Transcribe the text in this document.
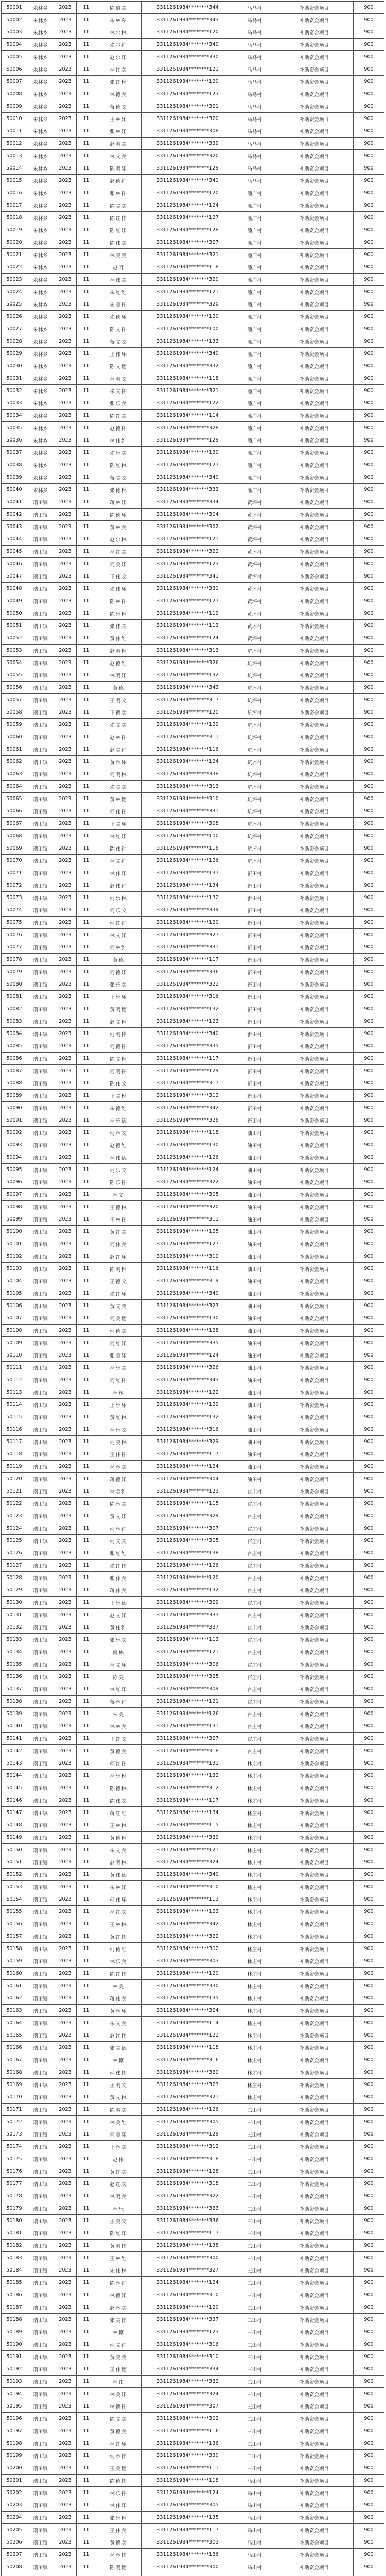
50001	朱林乡	2023	11	陈道美	3311261984********344	马马村	补助资金项目	900
50002	朱林乡	2023	11	朱林尔	3311261984********343	马马村	补助资金项目	900
50003	朱林乡	2023	11	林尔林	3311261984********120	马马村	补助资金项目	900
50004	朱林乡	2023	11	朱尔红	3311261984********340	马马村	补助资金项目	900
50005	朱林乡	2023	11	赵尔乐	3311261984********330	马马村	补助资金项目	900
50006	朱林乡	2023	11	林红美	3311261984********121	马马村	补助资金项目	900
50007	朱林乡	2023	11	张红林	3311261984********120	马马村	补助资金项目	900
50008	朱林乡	2023	11	林德美	3311261984********123	马马村	补助资金项目	900
50009	朱林乡	2023	11	蒋德文	3311261984********321	马马村	补助资金项目	900
50010	朱林乡	2023	11	王林乐	3311261984********320	马马村	补助资金项目	900
50011	朱林乡	2023	11	张林乐	3311261984********308	马马村	补助资金项目	900
50012	朱林乡	2023	11	赵明美	3311261984********339	马马村	补助资金项目	900
50013	朱林乡	2023	11	林文美	3311261984********320	马马村	补助资金项目	900
50014	朱林乡	2023	11	陈明乐	3311261984********129	马马村	补助资金项目	900
50015	朱林乡	2023	11	赵德红	3311261984********341	马马村	补助资金项目	900
50016	朱林乡	2023	11	张林伟	3311261984********120	潘广村	补助资金项目	900
50017	朱林乡	2023	11	陈美美	3311261984********124	潘广村	补助资金项目	900
50018	朱林乡	2023	11	陈红伟	3311261984********127	潘广村	补助资金项目	900
50019	朱林乡	2023	11	陈红乐	3311261984********128	潘广村	补助资金项目	900
50020	朱林乡	2023	11	陈伟美	3311261984********327	潘广村	补助资金项目	900
50021	朱林乡	2023	11	林美美	3311261984********321	潘广村	补助资金项目	900
50022	朱林乡	2023	11	赵明	3311261984********118	潘广村	补助资金项目	900
50023	朱林乡	2023	11	林伟美	3311261984********320	潘广村	补助资金项目	900
50024	朱林乡	2023	11	朱红红	3311261984********121	潘广村	补助资金项目	900
50025	朱林乡	2023	11	朱美伟	3311261984********320	潘广村	补助资金项目	900
50026	朱林乡	2023	11	朱德乐	3311261984********120	潘广村	补助资金项目	900
50027	朱林乡	2023	11	陈文伟	3311261984********100	潘广村	补助资金项目	900
50028	朱林乡	2023	11	蒋文文	3311261984********133	潘广村	补助资金项目	900
50029	朱林乡	2023	11	王伟乐	3311261984********340	潘广村	补助资金项目	900
50030	朱林乡	2023	11	陈文德	3311261984********332	潘广村	补助资金项目	900
50031	朱林乡	2023	11	林明文	3311261984********118	潘广村	补助资金项目	900
50032	朱林乡	2023	11	朱文伟	3311261984********321	潘广村	补助资金项目	900
50033	朱林乡	2023	11	张乐美	3311261984********122	潘广村	补助资金项目	900
50034	朱林乡	2023	11	陈红美	3311261984********114	潘广村	补助资金项目	900
50035	朱林乡	2023	11	赵德伟	3311261984********328	潘广村	补助资金项目	900
50036	朱林乡	2023	11	林伟红	3311261984********129	潘广村	补助资金项目	900
50037	朱林乡	2023	11	朱乐美	3311261984********130	潘广村	补助资金项目	900
50038	朱林乡	2023	11	陈红林	3311261984********127	潘广村	补助资金项目	900
50039	朱林乡	2023	11	蒋美文	3311261984********340	潘广村	补助资金项目	900
50040	朱林乡	2023	11	张德林	3311261984********333	潘广村	补助资金项目	900
50041	瑞田镇	2023	11	蒋林乐	3311261984********334	黄坪村	补助资金项目	900
50042	瑞田镇	2023	11	陈德乐	3311261984********304	黄坪村	补助资金项目	900
50043	瑞田镇	2023	11	黄林美	3311261984********302	黄坪村	补助资金项目	900
50044	瑞田镇	2023	11	赵尔林	3311261984********121	黄坪村	补助资金项目	900
50045	瑞田镇	2023	11	林红美	3311261984********322	黄坪村	补助资金项目	900
50046	瑞田镇	2023	11	何美乐	3311261984********123	黄坪村	补助资金项目	900
50047	瑞田镇	2023	11	王伟文	3311261984********341	黄坪村	补助资金项目	900
50048	瑞田镇	2023	11	朱伟乐	3311261984********331	黄坪村	补助资金项目	900
50049	瑞田镇	2023	11	陈林伟	3311261984********127	黄坪村	补助资金项目	900
50050	瑞田镇	2023	11	陈乐林	3311261984********119	黄坪村	补助资金项目	900
50051	瑞田镇	2023	11	张伟美	3311261984********113	黄坪村	补助资金项目	900
50052	瑞田镇	2023	11	黄伟红	3311261984********124	黄坪村	补助资金项目	900
50053	瑞田镇	2023	11	赵明林	3311261984********313	坑坪村	补助资金项目	900
50054	瑞田镇	2023	11	赵德红	3311261984********326	坑坪村	补助资金项目	900
50055	瑞田镇	2023	11	林明乐	3311261984********132	坑坪村	补助资金项目	900
50056	瑞田镇	2023	11	黄德	3311261984********343	坑坪村	补助资金项目	900
50057	瑞田镇	2023	11	王明文	3311261984********317	坑坪村	补助资金项目	900
50058	瑞田镇	2023	11	王德美	3311261984********120	坑坪村	补助资金项目	900
50059	瑞田镇	2023	11	朱文美	3311261984********129	坑坪村	补助资金项目	900
50060	瑞田镇	2023	11	赵林伟	3311261984********311	坑坪村	补助资金项目	900
50061	瑞田镇	2023	11	赵美红	3311261984********116	坑坪村	补助资金项目	900
50062	瑞田镇	2023	11	黄林乐	3311261984********124	坑坪村	补助资金项目	900
50063	瑞田镇	2023	11	何明林	3311261984********338	坑坪村	补助资金项目	900
50064	瑞田镇	2023	11	朱美美	3311261984********313	坑坪村	补助资金项目	900
50065	瑞田镇	2023	11	黄林德	3311261984********310	坑坪村	补助资金项目	900
50066	瑞田镇	2023	11	何伟伟	3311261984********331	坑坪村	补助资金项目	900
50067	瑞田镇	2023	11	王美乐	3311261984********308	坑坪村	补助资金项目	900
50068	瑞田镇	2023	11	林红乐	3311261984********100	坑坪村	补助资金项目	900
50069	瑞田镇	2023	11	陈伟红	3311261984********116	坑坪村	补助资金项目	900
50070	瑞田镇	2023	11	林文红	3311261984********126	坑坪村	补助资金项目	900
50071	瑞田镇	2023	11	林伟乐	3311261984********137	新田村	补助资金项目	900
50072	瑞田镇	2023	11	赵伟红	3311261984********134	新田村	补助资金项目	900
50073	瑞田镇	2023	11	何乐林	3311261984********132	新田村	补助资金项目	900
50074	瑞田镇	2023	11	何乐文	3311261984********339	新田村	补助资金项目	900
50075	瑞田镇	2023	11	何红红	3311261984********120	新田村	补助资金项目	900
50076	瑞田镇	2023	11	林文乐	3311261984********327	新田村	补助资金项目	900
50077	瑞田镇	2023	11	何林红	3311261984********331	新田村	补助资金项目	900
50078	瑞田镇	2023	11	黄德	3311261984********117	新田村	补助资金项目	900
50079	瑞田镇	2023	11	何德乐	3311261984********336	新田村	补助资金项目	900
50080	瑞田镇	2023	11	张乐美	3311261984********322	新田村	补助资金项目	900
50081	瑞田镇	2023	11	王乐乐	3311261984********316	新田村	补助资金项目	900
50082	瑞田镇	2023	11	黄明德	3311261984********132	新田村	补助资金项目	900
50083	瑞田镇	2023	11	赵文林	3311261984********123	新田村	补助资金项目	900
50084	瑞田镇	2023	11	何明伟	3311261984********340	新田村	补助资金项目	900
50085	瑞田镇	2023	11	何德伟	3311261984********335	新田村	补助资金项目	900
50086	瑞田镇	2023	11	陈文林	3311261984********117	新田村	补助资金项目	900
50087	瑞田镇	2023	11	何明伟	3311261984********129	新田村	补助资金项目	900
50088	瑞田镇	2023	11	陈伟文	3311261984********317	新田村	补助资金项目	900
50089	瑞田镇	2023	11	王美林	3311261984********312	新田村	补助资金项目	900
50090	瑞田镇	2023	11	朱德红	3311261984********342	新田村	补助资金项目	900
50091	瑞田镇	2023	11	林乐德	3311261984********326	新田村	补助资金项目	900
50092	瑞田镇	2023	11	何林文	3311261984********118	油田村	补助资金项目	900
50093	瑞田镇	2023	11	赵德红	3311261984********130	油田村	补助资金项目	900
50094	瑞田镇	2023	11	林伟德	3311261984********126	油田村	补助资金项目	900
50095	瑞田镇	2023	11	何乐文	3311261984********124	油田村	补助资金项目	900
50096	瑞田镇	2023	11	陈乐伟	3311261984********322	油田村	补助资金项目	900
50097	瑞田镇	2023	11	林文	3311261984********305	油田村	补助资金项目	900
50098	瑞田镇	2023	11	王德林	3311261984********320	油田村	补助资金项目	900
50099	瑞田镇	2023	11	王林伟	3311261984********311	油田村	补助资金项目	900
50100	瑞田镇	2023	11	黄红美	3311261984********125	油田村	补助资金项目	900
50101	瑞田镇	2023	11	何伟美	3311261984********127	油田村	补助资金项目	900
50102	瑞田镇	2023	11	赵红乐	3311261984********310	油田村	补助资金项目	900
50103	瑞田镇	2023	11	陈明林	3311261984********116	油田村	补助资金项目	900
50104	瑞田镇	2023	11	王德文	3311261984********319	油田村	补助资金项目	900
50105	瑞田镇	2023	11	朱红乐	3311261984********340	油田村	补助资金项目	900
50106	瑞田镇	2023	11	黄文美	3311261984********323	油田村	补助资金项目	900
50107	瑞田镇	2023	11	何美德	3311261984********130	油田村	补助资金项目	900
50108	瑞田镇	2023	11	何德美	3311261984********128	油田村	补助资金项目	900
50109	瑞田镇	2023	11	何红乐	3311261984********335	油田村	补助资金项目	900
50110	瑞田镇	2023	11	张美乐	3311261984********124	油田村	补助资金项目	900
50111	瑞田镇	2023	11	林乐美	3311261984********326	油田村	补助资金项目	900
50112	瑞田镇	2023	11	何红伟	3311261984********343	油田村	补助资金项目	900
50113	瑞田镇	2023	11	林林	3311261984********122	油田村	补助资金项目	900
50114	瑞田镇	2023	11	王乐乐	3311261984********129	油田村	补助资金项目	900
50115	瑞田镇	2023	11	黄红林	3311261984********132	油田村	补助资金项目	900
50116	瑞田镇	2023	11	林乐文	3311261984********316	油田村	补助资金项目	900
50117	瑞田镇	2023	11	何美林	3311261984********329	油田村	补助资金项目	900
50118	瑞田镇	2023	11	王伟伟	3311261984********117	油田村	补助资金项目	900
50119	瑞田镇	2023	11	林林美	3311261984********124	油田村	补助资金项目	900
50120	瑞田镇	2023	11	蒋德乐	3311261984********304	油田村	补助资金项目	900
50121	瑞田镇	2023	11	林美红	3311261984********123	官庄村	补助资金项目	900
50122	瑞田镇	2023	11	陈林美	3311261984********115	官庄村	补助资金项目	900
50123	瑞田镇	2023	11	黄文乐	3311261984********329	官庄村	补助资金项目	900
50124	瑞田镇	2023	11	何林红	3311261984********307	官庄村	补助资金项目	900
50125	瑞田镇	2023	11	何文美	3311261984********305	官庄村	补助资金项目	900
50126	瑞田镇	2023	11	张红红	3311261984********138	官庄村	补助资金项目	900
50127	瑞田镇	2023	11	朱红伟	3311261984********126	官庄村	补助资金项目	900
50128	瑞田镇	2023	11	张伟美	3311261984********120	官庄村	补助资金项目	900
50129	瑞田镇	2023	11	蒋伟美	3311261984********132	官庄村	补助资金项目	900
50130	瑞田镇	2023	11	王乐德	3311261984********329	官庄村	补助资金项目	900
50131	瑞田镇	2023	11	赵文乐	3311261984********333	官庄村	补助资金项目	900
50132	瑞田镇	2023	11	黄伟红	3311261984********337	官庄村	补助资金项目	900
50133	瑞田镇	2023	11	张乐文	3311261984********113	官庄村	补助资金项目	900
50134	瑞田镇	2023	11	何林	3311261984********121	官庄村	补助资金项目	900
50135	瑞田镇	2023	11	林文乐	3311261984********306	官庄村	补助资金项目	900
50136	瑞田镇	2023	11	陈美	3311261984********325	官庄村	补助资金项目	900
50137	瑞田镇	2023	11	林红乐	3311261984********309	官庄村	补助资金项目	900
50138	瑞田镇	2023	11	蒋林红	3311261984********121	官庄村	补助资金项目	900
50139	瑞田镇	2023	11	朱美	3311261984********126	官庄村	补助资金项目	900
50140	瑞田镇	2023	11	林林美	3311261984********131	官庄村	补助资金项目	900
50141	瑞田镇	2023	11	王红文	3311261984********327	官庄村	补助资金项目	900
50142	瑞田镇	2023	11	黄德美	3311261984********318	官庄村	补助资金项目	900
50143	瑞田镇	2023	11	何红伟	3311261984********131	林庄村	补助资金项目	900
50144	瑞田镇	2023	11	林乐林	3311261984********132	林庄村	补助资金项目	900
50145	瑞田镇	2023	11	陈德林	3311261984********312	林庄村	补助资金项目	900
50146	瑞田镇	2023	11	陈伟文	3311261984********117	林庄村	补助资金项目	900
50147	瑞田镇	2023	11	蒋红红	3311261984********134	林庄村	补助资金项目	900
50148	瑞田镇	2023	11	王林林	3311261984********115	林庄村	补助资金项目	900
50149	瑞田镇	2023	11	黄德林	3311261984********339	林庄村	补助资金项目	900
50150	瑞田镇	2023	11	朱文美	3311261984********121	林庄村	补助资金项目	900
50151	瑞田镇	2023	11	赵明林	3311261984********324	林庄村	补助资金项目	900
50152	瑞田镇	2023	11	黄伟德	3311261984********340	林庄村	补助资金项目	900
50153	瑞田镇	2023	11	朱林乐	3311261984********310	林庄村	补助资金项目	900
50154	瑞田镇	2023	11	何伟乐	3311261984********113	林庄村	补助资金项目	900
50155	瑞田镇	2023	11	林红文	3311261984********123	林庄村	补助资金项目	900
50156	瑞田镇	2023	11	王林林	3311261984********342	林庄村	补助资金项目	900
50157	瑞田镇	2023	11	黄红伟	3311261984********322	林庄村	补助资金项目	900
50158	瑞田镇	2023	11	何德红	3311261984********302	林庄村	补助资金项目	900
50159	瑞田镇	2023	11	林乐美	3311261984********303	林庄村	补助资金项目	900
50160	瑞田镇	2023	11	陈红伟	3311261984********120	林庄村	补助资金项目	900
50161	瑞田镇	2023	11	林美	3311261984********330	林庄村	补助资金项目	900
50162	瑞田镇	2023	11	蒋伟美	3311261984********135	林庄村	补助资金项目	900
50163	瑞田镇	2023	11	黄林乐	3311261984********324	林庄村	补助资金项目	900
50164	瑞田镇	2023	11	朱文美	3311261984********114	林庄村	补助资金项目	900
50165	瑞田镇	2023	11	赵红伟	3311261984********122	林庄村	补助资金项目	900
50166	瑞田镇	2023	11	张美德	3311261984********118	林庄村	补助资金项目	900
50167	瑞田镇	2023	11	林德	3311261984********316	林庄村	补助资金项目	900
50168	瑞田镇	2023	11	何伟伟	3311261984********330	林庄村	补助资金项目	900
50169	瑞田镇	2023	11	王明文	3311261984********323	林庄村	补助资金项目	900
50170	瑞田镇	2023	11	黄文林	3311261984********321	林庄村	补助资金项目	900
50171	瑞田镇	2023	11	陈明美	3311261984********126	三山村	补助资金项目	900
50172	瑞田镇	2023	11	林美红	3311261984********305	三山村	补助资金项目	900
50173	瑞田镇	2023	11	何美乐	3311261984********129	三山村	补助资金项目	900
50174	瑞田镇	2023	11	王林美	3311261984********312	三山村	补助资金项目	900
50175	瑞田镇	2023	11	赵伟	3311261984********318	三山村	补助资金项目	900
50176	瑞田镇	2023	11	黄红美	3311261984********128	三山村	补助资金项目	900
50177	瑞田镇	2023	11	赵红文	3311261984********318	三山村	补助资金项目	900
50178	瑞田镇	2023	11	林明美	3311261984********322	三山村	补助资金项目	900
50179	瑞田镇	2023	11	林乐	3311261984********333	三山村	补助资金项目	900
50180	瑞田镇	2023	11	王美文	3311261984********336	三山村	补助资金项目	900
50181	瑞田镇	2023	11	陈红乐	3311261984********117	三山村	补助资金项目	900
50182	瑞田镇	2023	11	黄明伟	3311261984********138	三山村	补助资金项目	900
50183	瑞田镇	2023	11	王林红	3311261984********300	三山村	补助资金项目	900
50184	瑞田镇	2023	11	朱伟林	3311261984********327	三山村	补助资金项目	900
50185	瑞田镇	2023	11	陈林红	3311261984********124	三山村	补助资金项目	900
50186	瑞田镇	2023	11	林德乐	3311261984********310	三山村	补助资金项目	900
50187	瑞田镇	2023	11	赵林美	3311261984********120	三山村	补助资金项目	900
50188	瑞田镇	2023	11	张美伟	3311261984********337	三山村	补助资金项目	900
50189	瑞田镇	2023	11	林德	3311261984********123	三山村	补助资金项目	900
50190	瑞田镇	2023	11	何文红	3311261984********316	三山村	补助资金项目	900
50191	瑞田镇	2023	11	黄美美	3311261984********310	三山村	补助资金项目	900
50192	瑞田镇	2023	11	王伟德	3311261984********334	三山村	补助资金项目	900
50193	瑞田镇	2023	11	林红	3311261984********332	三山村	补助资金项目	900
50194	瑞田镇	2023	11	林美乐	3311261984********324	三山村	补助资金项目	900
50195	瑞田镇	2023	11	林德伟	3311261984********307	三山村	补助资金项目	900
50196	瑞田镇	2023	11	陈文美	3311261984********302	三山村	补助资金项目	900
50197	瑞田镇	2023	11	黄德美	3311261984********116	三山村	补助资金项目	900
50198	瑞田镇	2023	11	林红乐	3311261984********136	三山村	补助资金项目	900
50199	瑞田镇	2023	11	何林伟	3311261984********330	三山村	补助资金项目	900
50200	瑞田镇	2023	11	王美德	3311261984********111	三山村	补助资金项目	900
50201	瑞田镇	2023	11	陈德伟	3311261984********118	马山村	补助资金项目	900
50202	瑞田镇	2023	11	林乐伟	3311261984********124	马山村	补助资金项目	900
50203	瑞田镇	2023	11	林伟乐	3311261984********305	马山村	补助资金项目	900
50204	瑞田镇	2023	11	张乐林	3311261984********135	马山村	补助资金项目	900
50205	瑞田镇	2023	11	王伟美	3311261984********117	马山村	补助资金项目	900
50206	瑞田镇	2023	11	黄德美	3311261984********303	马山村	补助资金项目	900
50207	瑞田镇	2023	11	林林伟	3311261984********136	马山村	补助资金项目	900
50208	瑞田镇	2023	11	陈明德	3311261984********300	马山村	补助资金项目	900
